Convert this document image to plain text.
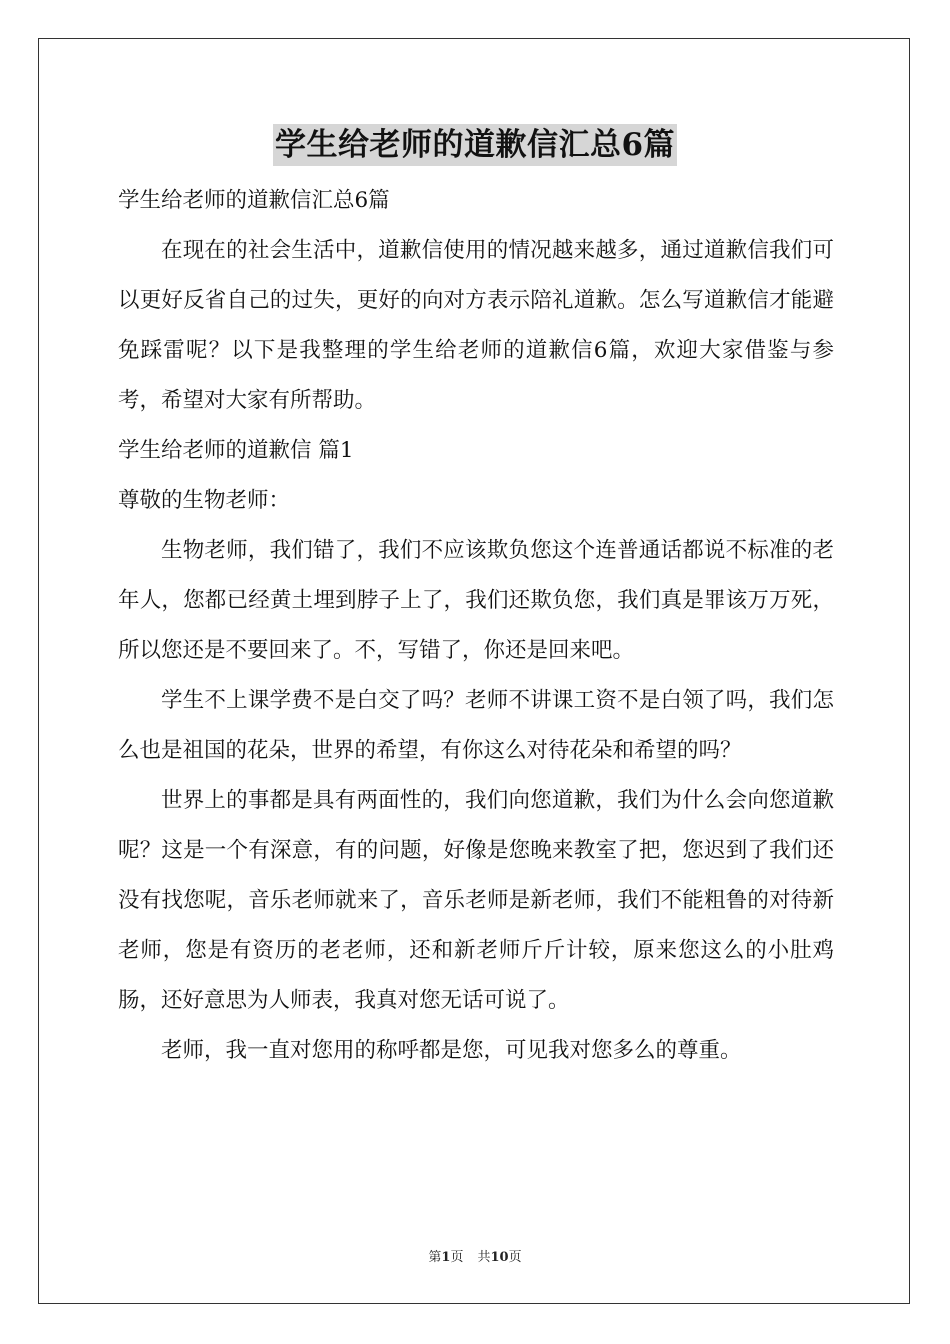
学生给老师的道歉信汇总6篇

学生给老师的道歉信汇总6篇

在现在的社会生活中，道歉信使用的情况越来越多，通过道歉信我们可以更好反省自己的过失，更好的向对方表示陪礼道歉。怎么写道歉信才能避免踩雷呢？以下是我整理的学生给老师的道歉信6篇，欢迎大家借鉴与参考，希望对大家有所帮助。

学生给老师的道歉信 篇1

尊敬的生物老师：

生物老师，我们错了，我们不应该欺负您这个连普通话都说不标准的老年人，您都已经黄土埋到脖子上了，我们还欺负您，我们真是罪该万万死，所以您还是不要回来了。不，写错了，你还是回来吧。

学生不上课学费不是白交了吗？老师不讲课工资不是白领了吗，我们怎么也是祖国的花朵，世界的希望，有你这么对待花朵和希望的吗？

世界上的事都是具有两面性的，我们向您道歉，我们为什么会向您道歉呢？这是一个有深意，有的问题，好像是您晚来教室了把，您迟到了我们还没有找您呢，音乐老师就来了，音乐老师是新老师，我们不能粗鲁的对待新老师，您是有资历的老老师，还和新老师斤斤计较，原来您这么的小肚鸡肠，还好意思为人师表，我真对您无话可说了。

老师，我一直对您用的称呼都是您，可见我对您多么的尊重。

第1页 共10页
